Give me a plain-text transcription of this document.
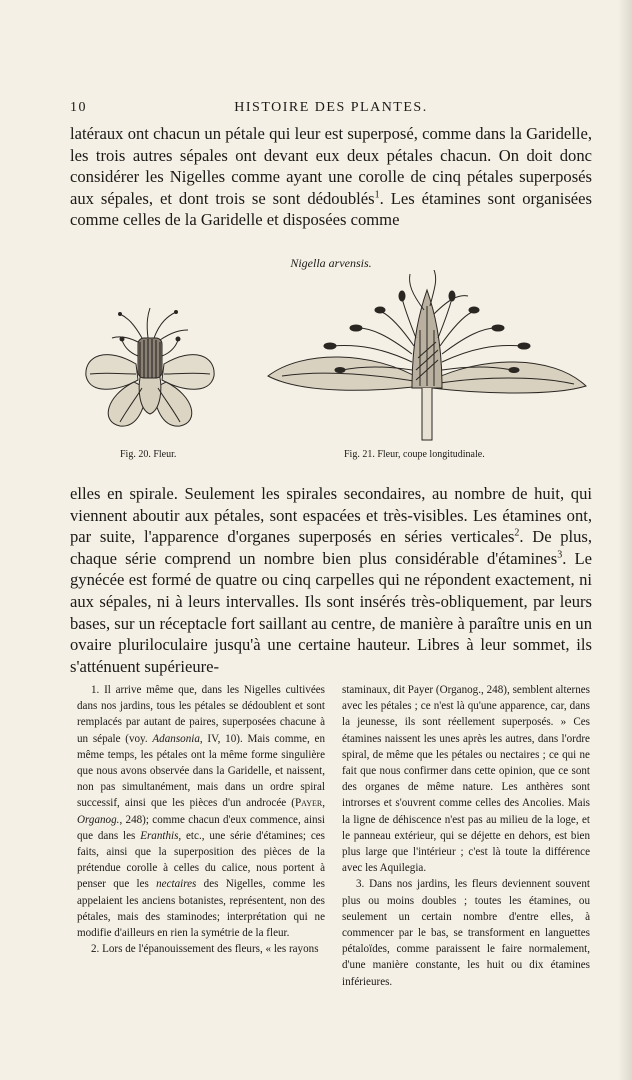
10	HISTOIRE DES PLANTES.

latéraux ont chacun un pétale qui leur est superposé, comme dans la Garidelle, les trois autres sépales ont devant eux deux pétales chacun. On doit donc considérer les Nigelles comme ayant une corolle de cinq pétales superposés aux sépales, et dont trois se sont dédoublés$^1$. Les étamines sont organisées comme celles de la Garidelle et disposées comme

Nigella arvensis.
Fig. 20. Fleur.	Fig. 21. Fleur, coupe longitudinale.

elles en spirale. Seulement les spirales secondaires, au nombre de huit, qui viennent aboutir aux pétales, sont espacées et très-visibles. Les étamines ont, par suite, l'apparence d'organes superposés en séries verticales$^2$. De plus, chaque série comprend un nombre bien plus considérable d'étamines$^3$. Le gynécée est formé de quatre ou cinq carpelles qui ne répondent exactement, ni aux sépales, ni à leurs intervalles. Ils sont insérés très-obliquement, par leurs bases, sur un réceptacle fort saillant au centre, de manière à paraître unis en un ovaire pluriloculaire jusqu'à une certaine hauteur. Libres à leur sommet, ils s'atténuent supérieure-

1. Il arrive même que, dans les Nigelles cultivées dans nos jardins, tous les pétales se dédoublent et sont remplacés par autant de paires, superposées chacune à un sépale (voy. Adansonia, IV, 10). Mais comme, en même temps, les pétales ont la même forme singulière que nous avons observée dans la Garidelle, et naissent, non pas simultanément, mais dans un ordre spiral successif, ainsi que les pièces d'un androcée (Payer, Organog., 248); comme chacun d'eux commence, ainsi que dans les Eranthis, etc., une série d'étamines; ces faits, ainsi que la superposition des pièces de la prétendue corolle à celles du calice, nous portent à penser que les nectaires des Nigelles, comme les appelaient les anciens botanistes, représentent, non des pétales, mais des staminodes; interprétation qui ne modifie d'ailleurs en rien la symétrie de la fleur.

2. Lors de l'épanouissement des fleurs, « les rayons

staminaux, dit Payer (Organog., 248), semblent alternes avec les pétales ; ce n'est là qu'une apparence, car, dans la jeunesse, ils sont réellement superposés. » Ces étamines naissent les unes après les autres, dans l'ordre spiral, de même que les pétales ou nectaires ; ce qui ne fait que nous confirmer dans cette opinion, que ce sont des organes de même nature. Les anthères sont introrses et s'ouvrent comme celles des Ancolies. Mais la ligne de déhiscence n'est pas au milieu de la loge, et le panneau extérieur, qui se déjette en dehors, est bien plus large que l'intérieur ; c'est là toute la différence avec les Aquilegia.

3. Dans nos jardins, les fleurs deviennent souvent plus ou moins doubles ; toutes les étamines, ou seulement un certain nombre d'entre elles, à commencer par le bas, se transforment en languettes pétaloïdes, comme paraissent le faire normalement, d'une manière constante, les huit ou dix étamines inférieures.
